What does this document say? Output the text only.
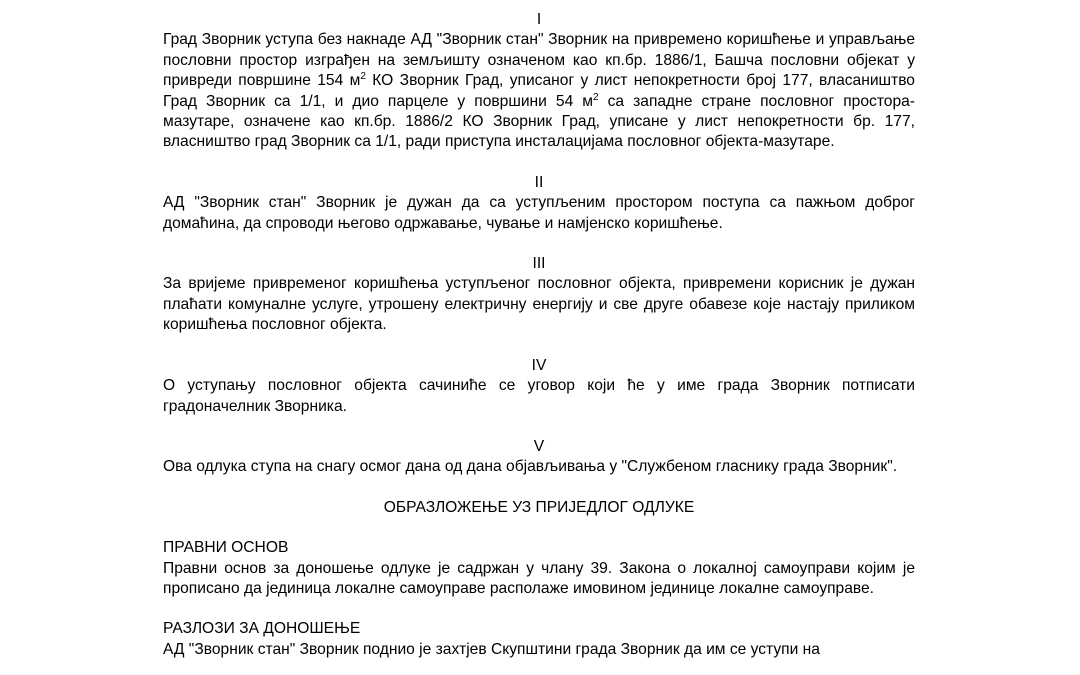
I

Град Зворник уступа без накнаде АД "Зворник стан" Зворник на привремено коришћење и управљање пословни простор изграђен на земљишту означеном као кп.бр. 1886/1, Башча пословни објекат у привреди површине 154 $м^2$ КО Зворник Град, уписаног у лист непокретности број 177, власаништво Град Зворник са 1/1, и дио парцеле у површини 54 $м^2$ са западне стране пословног простора-мазутаре, означене као кп.бр. 1886/2 КО Зворник Град, уписане у лист непокретности бр. 177, власништво град Зворник са 1/1, ради приступа инсталацијама пословног објекта-мазутаре.

II

АД "Зворник стан" Зворник је дужан да са уступљеним простором поступа са пажњом доброг домаћина, да спроводи његово одржавање, чување и намјенско коришћење.

III

За вријеме привременог коришћења уступљеног пословног објекта, привремени корисник је дужан плаћати комуналне услуге, утрошену електричну енергију и све друге обавезе које настају приликом коришћења пословног објекта.

IV

О уступању пословног објекта сачиниће се уговор који ће у име града Зворник потписати градоначелник Зворника.

V

Ова одлука ступа на снагу осмог дана од дана објављивања у "Службеном гласнику града Зворник".

ОБРАЗЛОЖЕЊЕ УЗ ПРИЈЕДЛОГ ОДЛУКЕ

ПРАВНИ ОСНОВ

Правни основ за доношење одлуке је садржан у члану 39. Закона о локалној самоуправи којим је прописано да јединица локалне самоуправе располаже имовином јединице локалне самоуправе.

РАЗЛОЗИ ЗА ДОНОШЕЊЕ

АД "Зворник стан" Зворник поднио је захтјев Скупштини града Зворник да им се уступи на
